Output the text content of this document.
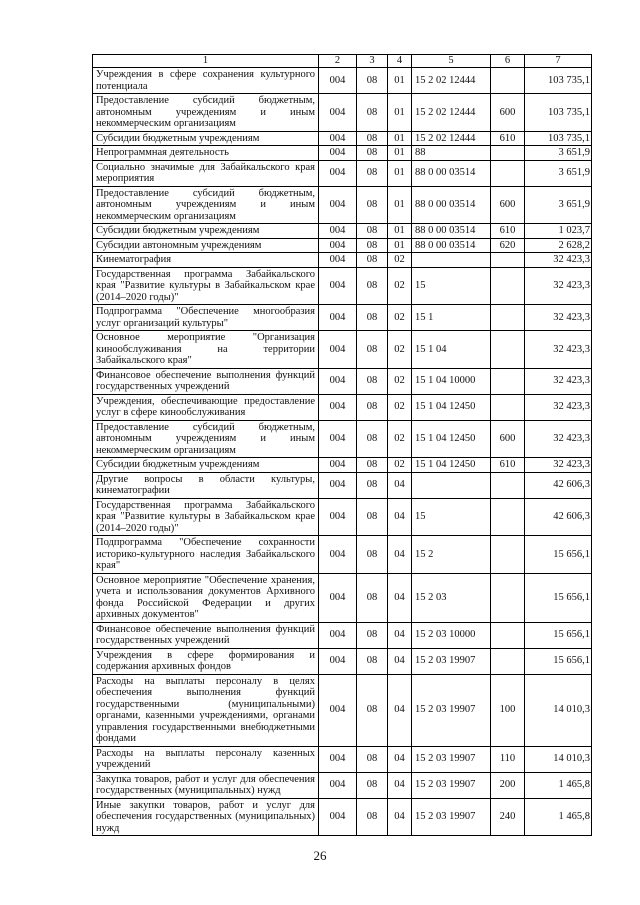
1	2	3	4	5	6	7
Учреждения в сфере сохранения культурного потенциала	004	08	01	15 2 02 12444		103 735,1
Предоставление субсидий бюджетным, автономным учреждениям и иным некоммерческим организациям	004	08	01	15 2 02 12444	600	103 735,1
Субсидии бюджетным учреждениям	004	08	01	15 2 02 12444	610	103 735,1
Непрограммная деятельность	004	08	01	88		3 651,9
Социально значимые для Забайкальского края мероприятия	004	08	01	88 0 00 03514		3 651,9
Предоставление субсидий бюджетным, автономным учреждениям и иным некоммерческим организациям	004	08	01	88 0 00 03514	600	3 651,9
Субсидии бюджетным учреждениям	004	08	01	88 0 00 03514	610	1 023,7
Субсидии автономным учреждениям	004	08	01	88 0 00 03514	620	2 628,2
Кинематография	004	08	02			32 423,3
Государственная программа Забайкальского края "Развитие культуры в Забайкальском крае (2014–2020 годы)"	004	08	02	15		32 423,3
Подпрограмма "Обеспечение многообразия услуг организаций культуры"	004	08	02	15 1		32 423,3
Основное мероприятие "Организация кинообслуживания на территории Забайкальского края"	004	08	02	15 1 04		32 423,3
Финансовое обеспечение выполнения функций государственных учреждений	004	08	02	15 1 04 10000		32 423,3
Учреждения, обеспечивающие предоставление услуг в сфере кинообслуживания	004	08	02	15 1 04 12450		32 423,3
Предоставление субсидий бюджетным, автономным учреждениям и иным некоммерческим организациям	004	08	02	15 1 04 12450	600	32 423,3
Субсидии бюджетным учреждениям	004	08	02	15 1 04 12450	610	32 423,3
Другие вопросы в области культуры, кинематографии	004	08	04			42 606,3
Государственная программа Забайкальского края "Развитие культуры в Забайкальском крае (2014–2020 годы)"	004	08	04	15		42 606,3
Подпрограмма "Обеспечение сохранности историко-культурного наследия Забайкальского края"	004	08	04	15 2		15 656,1
Основное мероприятие "Обеспечение хранения, учета и использования документов Архивного фонда Российской Федерации и других архивных документов"	004	08	04	15 2 03		15 656,1
Финансовое обеспечение выполнения функций государственных учреждений	004	08	04	15 2 03 10000		15 656,1
Учреждения в сфере формирования и содержания архивных фондов	004	08	04	15 2 03 19907		15 656,1
Расходы на выплаты персоналу в целях обеспечения выполнения функций государственными (муниципальными) органами, казенными учреждениями, органами управления государственными внебюджетными фондами	004	08	04	15 2 03 19907	100	14 010,3
Расходы на выплаты персоналу казенных учреждений	004	08	04	15 2 03 19907	110	14 010,3
Закупка товаров, работ и услуг для обеспечения государственных (муниципальных) нужд	004	08	04	15 2 03 19907	200	1 465,8
Иные закупки товаров, работ и услуг для обеспечения государственных (муниципальных) нужд	004	08	04	15 2 03 19907	240	1 465,8
26
